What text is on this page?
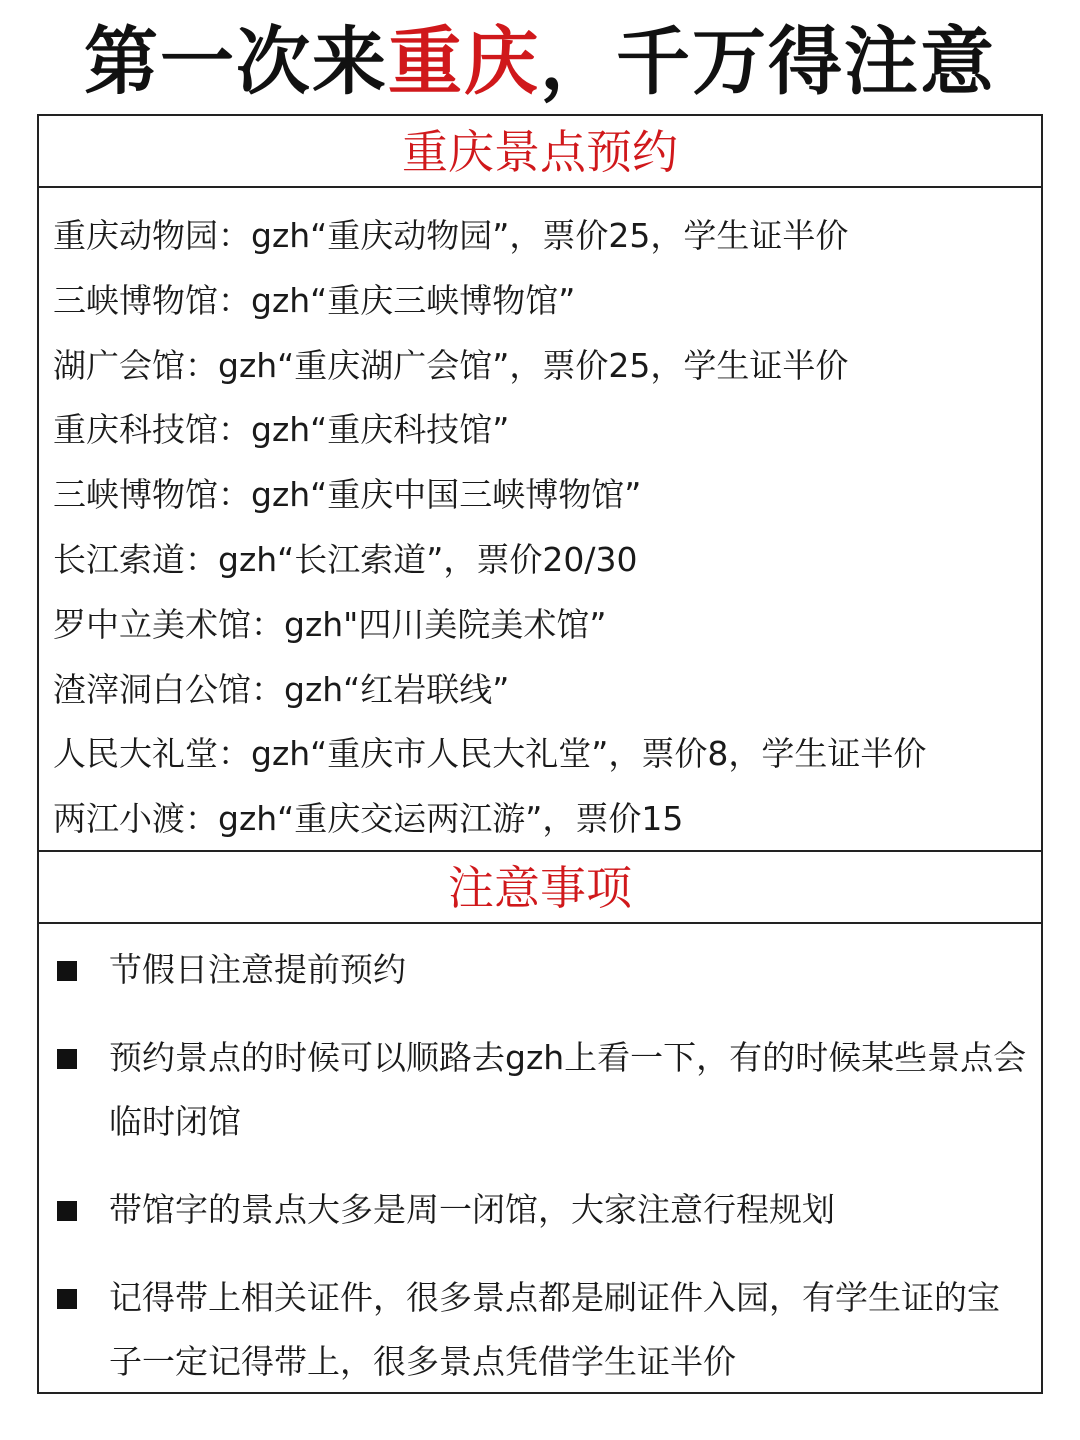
第一次来重庆，千万得注意
重庆景点预约
重庆动物园：gzh“重庆动物园”，票价25，学生证半价
三峡博物馆：gzh“重庆三峡博物馆”
湖广会馆：gzh“重庆湖广会馆”，票价25，学生证半价
重庆科技馆：gzh“重庆科技馆”
三峡博物馆：gzh“重庆中国三峡博物馆”
长江索道：gzh“长江索道”，票价20/30
罗中立美术馆：gzh"四川美院美术馆”
渣滓洞白公馆：gzh“红岩联线”
人民大礼堂：gzh“重庆市人民大礼堂”，票价8，学生证半价
两江小渡：gzh“重庆交运两江游”，票价15
注意事项
节假日注意提前预约
预约景点的时候可以顺路去gzh上看一下，有的时候某些景点会临时闭馆
带馆字的景点大多是周一闭馆，大家注意行程规划
记得带上相关证件，很多景点都是刷证件入园，有学生证的宝子一定记得带上，很多景点凭借学生证半价
